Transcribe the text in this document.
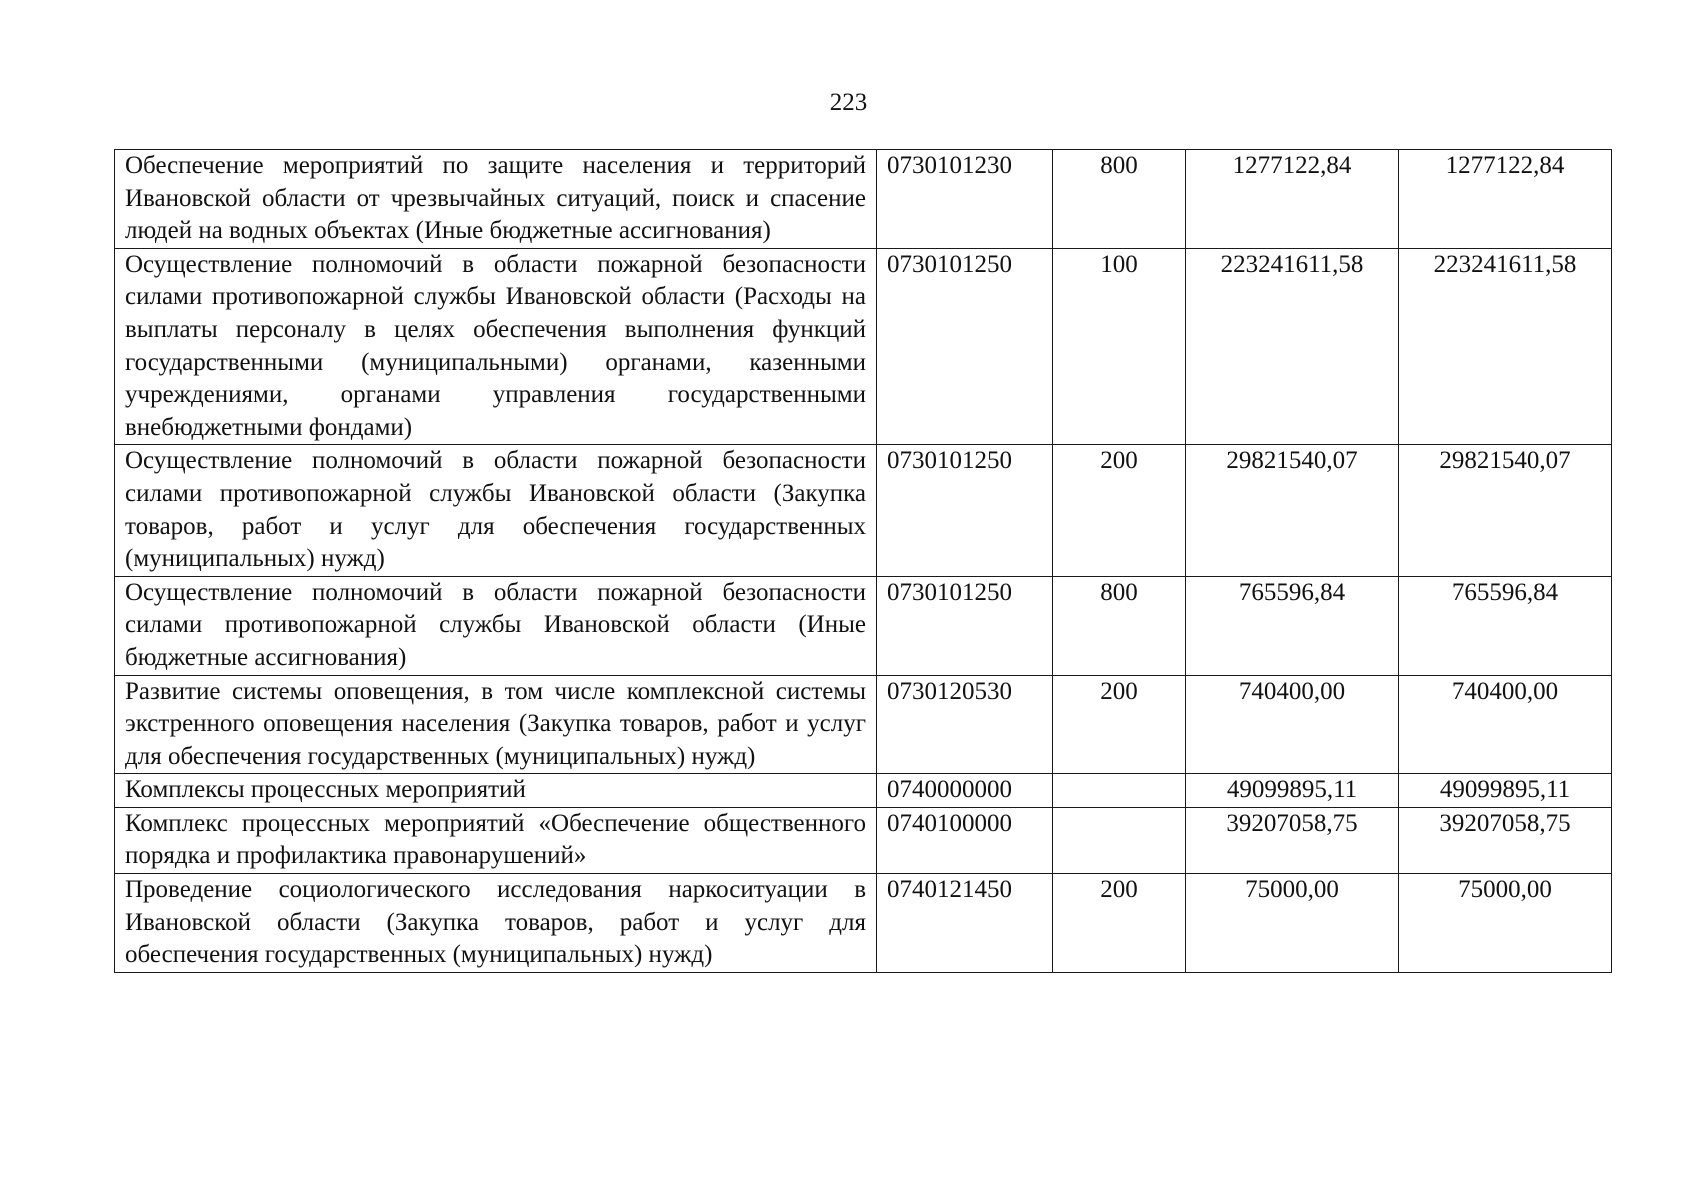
223
Обеспечение мероприятий по защите населения и территорий Ивановской области от чрезвычайных ситуаций, поиск и спасение людей на водных объектах (Иные бюджетные ассигнования)	0730101230	800	1277122,84	1277122,84
Осуществление полномочий в области пожарной безопасности силами противопожарной службы Ивановской области (Расходы на выплаты персоналу в целях обеспечения выполнения функций государственными (муниципальными) органами, казенными учреждениями, органами управления государственными внебюджетными фондами)	0730101250	100	223241611,58	223241611,58
Осуществление полномочий в области пожарной безопасности силами противопожарной службы Ивановской области (Закупка товаров, работ и услуг для обеспечения государственных (муниципальных) нужд)	0730101250	200	29821540,07	29821540,07
Осуществление полномочий в области пожарной безопасности силами противопожарной службы Ивановской области (Иные бюджетные ассигнования)	0730101250	800	765596,84	765596,84
Развитие системы оповещения, в том числе комплексной системы экстренного оповещения населения (Закупка товаров, работ и услуг для обеспечения государственных (муниципальных) нужд)	0730120530	200	740400,00	740400,00
Комплексы процессных мероприятий	0740000000		49099895,11	49099895,11
Комплекс процессных мероприятий «Обеспечение общественного порядка и профилактика правонарушений»	0740100000		39207058,75	39207058,75
Проведение социологического исследования наркоситуации в Ивановской области (Закупка товаров, работ и услуг для обеспечения государственных (муниципальных) нужд)	0740121450	200	75000,00	75000,00
